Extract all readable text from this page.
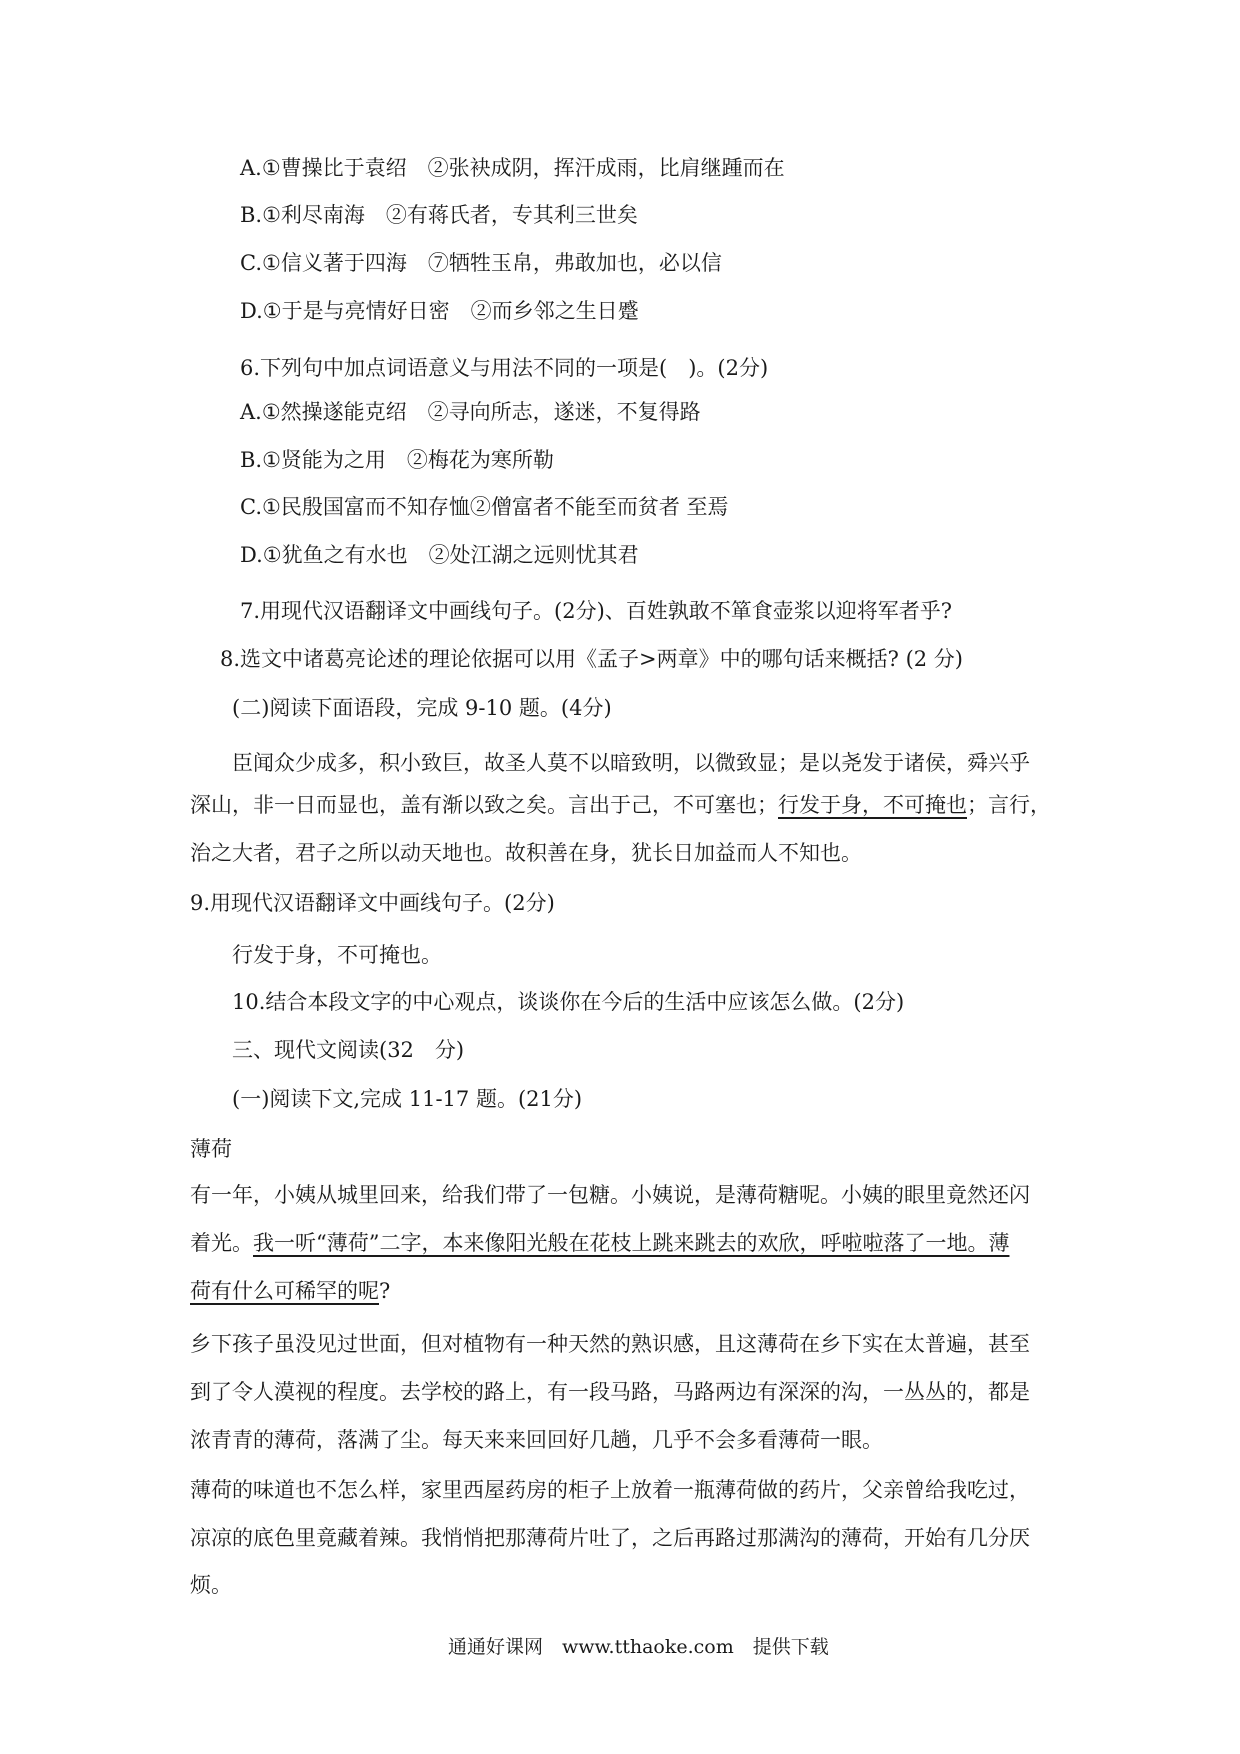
A.①曹操比于袁绍　②张袂成阴，挥汗成雨，比肩继踵而在
B.①利尽南海　②有蒋氏者，专其利三世矣
C.①信义著于四海　⑦牺牲玉帛，弗敢加也，必以信
D.①于是与亮情好日密　②而乡邻之生日蹙
6.下列句中加点词语意义与用法不同的一项是(　)。(2分)
A.①然操遂能克绍　②寻向所志，遂迷，不复得路
B.①贤能为之用　②梅花为寒所勒
C.①民殷国富而不知存恤②僧富者不能至而贫者 至焉
D.①犹鱼之有水也　②处江湖之远则忧其君
7.用现代汉语翻译文中画线句子。(2分)、百姓孰敢不箪食壶浆以迎将军者乎?
8.选文中诸葛亮论述的理论依据可以用《孟子>两章》中的哪句话来概括? (2 分)
(二)阅读下面语段，完成 9-10 题。(4分)
臣闻众少成多，积小致巨，故圣人莫不以暗致明，以微致显；是以尧发于诸侯，舜兴乎
深山，非一日而显也，盖有渐以致之矣。言出于己，不可塞也；行发于身，不可掩也；言行，
治之大者，君子之所以动天地也。故积善在身，犹长日加益而人不知也。
9.用现代汉语翻译文中画线句子。(2分)
行发于身，不可掩也。
10.结合本段文字的中心观点，谈谈你在今后的生活中应该怎么做。(2分)
三、现代文阅读(32　分)
(一)阅读下文,完成 11-17 题。(21分)
薄荷
有一年，小姨从城里回来，给我们带了一包糖。小姨说，是薄荷糖呢。小姨的眼里竟然还闪
着光。我一听“薄荷”二字，本来像阳光般在花枝上跳来跳去的欢欣，呼啦啦落了一地。薄
荷有什么可稀罕的呢?
乡下孩子虽没见过世面，但对植物有一种天然的熟识感，且这薄荷在乡下实在太普遍，甚至
到了令人漠视的程度。去学校的路上，有一段马路，马路两边有深深的沟，一丛丛的，都是
浓青青的薄荷，落满了尘。每天来来回回好几趟，几乎不会多看薄荷一眼。
薄荷的味道也不怎么样，家里西屋药房的柜子上放着一瓶薄荷做的药片，父亲曾给我吃过，
凉凉的底色里竟藏着辣。我悄悄把那薄荷片吐了，之后再路过那满沟的薄荷，开始有几分厌
烦。
通通好课网　www.tthaoke.com　提供下载
